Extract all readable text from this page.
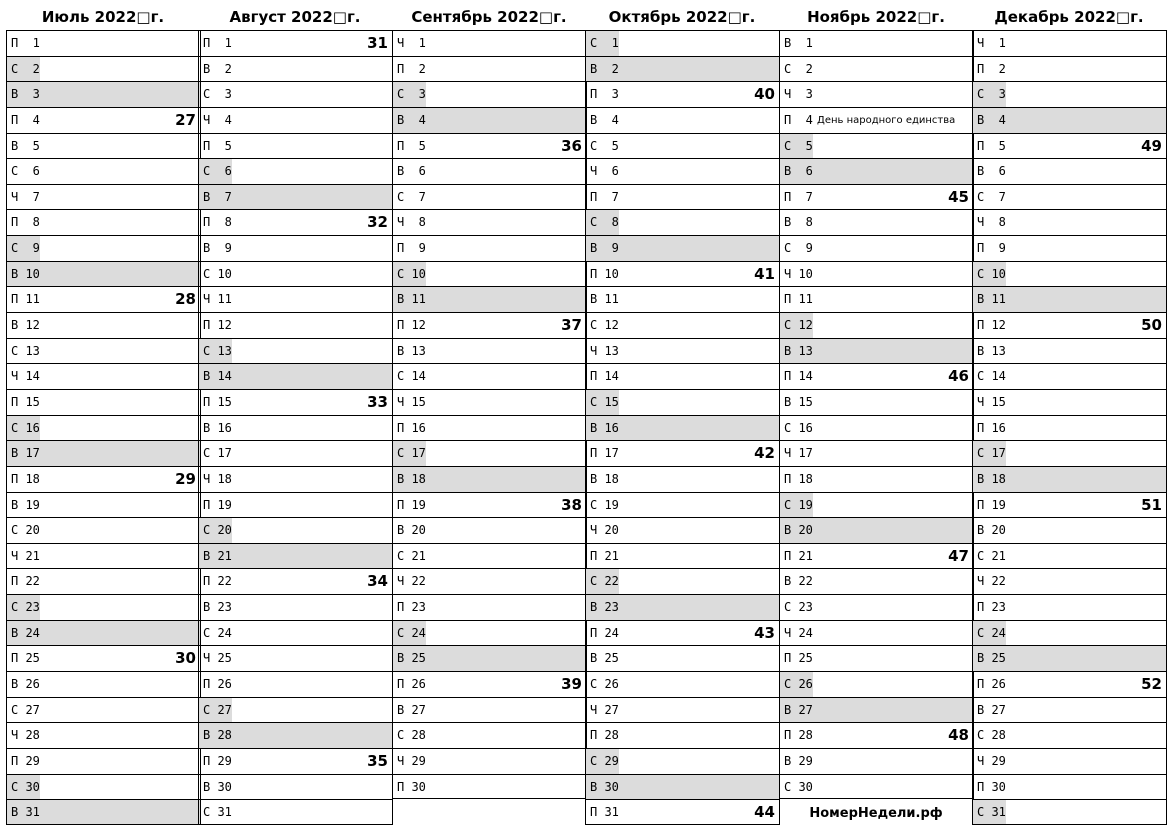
Июль 2022□г.
П  1
С  2
В  3
П  4	27
В  5
С  6
Ч  7
П  8
С  9
В 10
П 11	28
В 12
С 13
Ч 14
П 15
С 16
В 17
П 18	29
В 19
С 20
Ч 21
П 22
С 23
В 24
П 25	30
В 26
С 27
Ч 28
П 29
С 30
В 31
Август 2022□г.
П  1	31
В  2
С  3
Ч  4
П  5
С  6
В  7
П  8	32
В  9
С 10
Ч 11
П 12
С 13
В 14
П 15	33
В 16
С 17
Ч 18
П 19
С 20
В 21
П 22	34
В 23
С 24
Ч 25
П 26
С 27
В 28
П 29	35
В 30
С 31
Сентябрь 2022□г.
Ч  1
П  2
С  3
В  4
П  5	36
В  6
С  7
Ч  8
П  9
С 10
В 11
П 12	37
В 13
С 14
Ч 15
П 16
С 17
В 18
П 19	38
В 20
С 21
Ч 22
П 23
С 24
В 25
П 26	39
В 27
С 28
Ч 29
П 30
Октябрь 2022□г.
С  1
В  2
П  3	40
В  4
С  5
Ч  6
П  7
С  8
В  9
П 10	41
В 11
С 12
Ч 13
П 14
С 15
В 16
П 17	42
В 18
С 19
Ч 20
П 21
С 22
В 23
П 24	43
В 25
С 26
Ч 27
П 28
С 29
В 30
П 31	44
Ноябрь 2022□г.
В  1
С  2
Ч  3
П  4 День народного единства
С  5
В  6
П  7	45
В  8
С  9
Ч 10
П 11
С 12
В 13
П 14	46
В 15
С 16
Ч 17
П 18
С 19
В 20
П 21	47
В 22
С 23
Ч 24
П 25
С 26
В 27
П 28	48
В 29
С 30
НомерНедели.рф
Декабрь 2022□г.
Ч  1
П  2
С  3
В  4
П  5	49
В  6
С  7
Ч  8
П  9
С 10
В 11
П 12	50
В 13
С 14
Ч 15
П 16
С 17
В 18
П 19	51
В 20
С 21
Ч 22
П 23
С 24
В 25
П 26	52
В 27
С 28
Ч 29
П 30
С 31
